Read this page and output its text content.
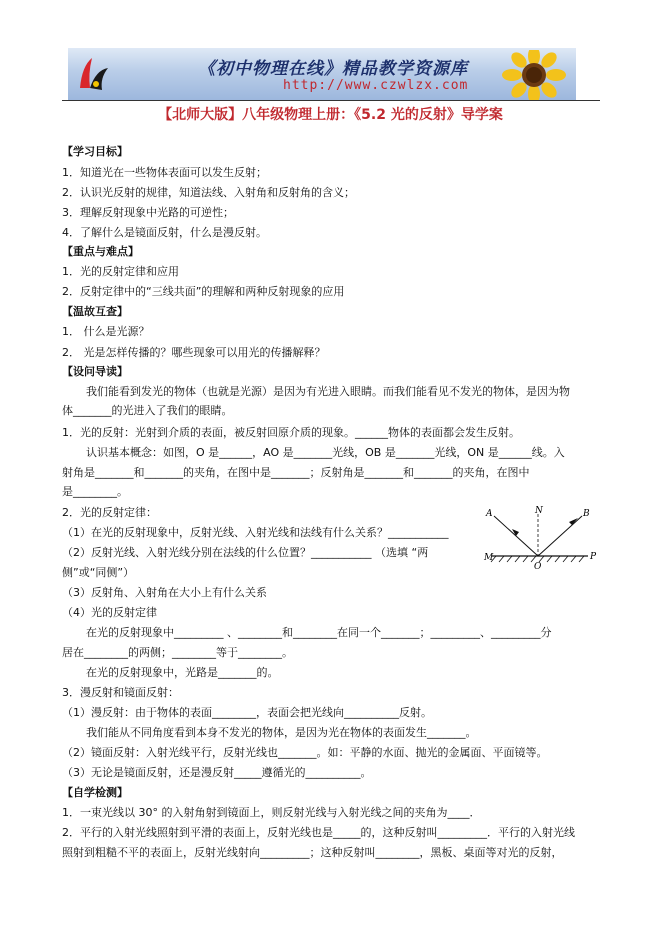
《初中物理在线》精品教学资源库
http://www.czwlzx.com
【北师大版】八年级物理上册：《5.2 光的反射》导学案
【学习目标】
1．知道光在一些物体表面可以发生反射；
2．认识光反射的规律，知道法线、入射角和反射角的含义；
3．理解反射现象中光路的可逆性；
4．了解什么是镜面反射，什么是漫反射。
【重点与难点】
1．光的反射定律和应用
2．反射定律中的“三线共面”的理解和两种反射现象的应用
【温故互查】
1． 什么是光源？
2． 光是怎样传播的？哪些现象可以用光的传播解释？
【设问导读】
我们能看到发光的物体（也就是光源）是因为有光进入眼睛。而我们能看见不发光的物体，是因为物
体_______的光进入了我们的眼睛。
1．光的反射：光射到介质的表面，被反射回原介质的现象。______物体的表面都会发生反射。
认识基本概念：如图，O 是______，AO 是_______光线，OB 是_______光线，ON 是______线。入
射角是_______和_______的夹角，在图中是_______；反射角是_______和_______的夹角，在图中
是________。
2．光的反射定律：
（1）在光的反射现象中，反射光线、入射光线和法线有什么关系？___________
（2）反射光线、入射光线分别在法线的什么位置？___________ （选填 “两
侧”或“同侧”）
（3）反射角、入射角在大小上有什么关系
（4）光的反射定律
在光的反射现象中_________ 、________和________在同一个_______；_________、_________分
居在________的两侧；________等于________。
在光的反射现象中，光路是_______的。
3．漫反射和镜面反射：
（1）漫反射：由于物体的表面________，表面会把光线向__________反射。
我们能从不同角度看到本身不发光的物体，是因为光在物体的表面发生_______。
（2）镜面反射：入射光线平行，反射光线也_______。如：平静的水面、抛光的金属面、平面镜等。
（3）无论是镜面反射，还是漫反射_____遵循光的__________。
【自学检测】
1．一束光线以 30° 的入射角射到镜面上，则反射光线与入射光线之间的夹角为____．
2．平行的入射光线照射到平滑的表面上，反射光线也是_____的，这种反射叫_________．平行的入射光线
照射到粗糙不平的表面上，反射光线射向_________；这种反射叫________，黑板、桌面等对光的反射，
A	N	B
M
O
P
